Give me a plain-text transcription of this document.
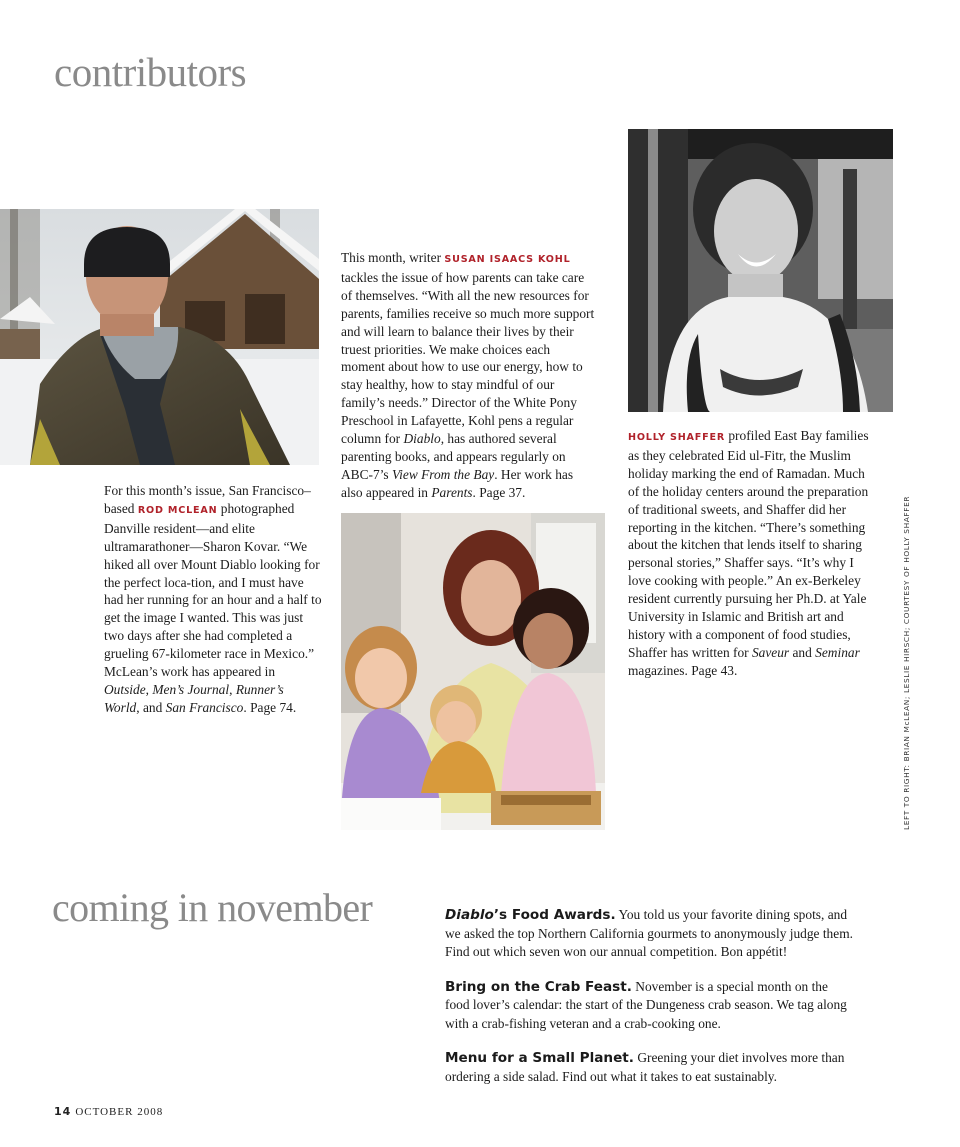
contributors

For this month’s issue, San Francisco–based ROD MCLEAN photographed Danville resident—and elite ultramarathoner—Sharon Kovar. “We hiked all over Mount Diablo looking for the perfect loca-tion, and I must have had her running for an hour and a half to get the image I wanted. This was just two days after she had completed a grueling 67-kilometer race in Mexico.” McLean’s work has appeared in Outside, Men’s Journal, Runner’s World, and San Francisco. Page 74.

This month, writer SUSAN ISAACS KOHL tackles the issue of how parents can take care of themselves. “With all the new resources for parents, families receive so much more support and will learn to balance their lives by their truest priorities. We make choices each moment about how to use our energy, how to stay healthy, how to stay mindful of our family’s needs.” Director of the White Pony Preschool in Lafayette, Kohl pens a regular column for Diablo, has authored several parenting books, and appears regularly on ABC-7’s View From the Bay. Her work has also appeared in Parents. Page 37.

HOLLY SHAFFER profiled East Bay families as they celebrated Eid ul-Fitr, the Muslim holiday marking the end of Ramadan. Much of the holiday centers around the preparation of traditional sweets, and Shaffer did her reporting in the kitchen. “There’s something about the kitchen that lends itself to sharing personal stories,” Shaffer says. “It’s why I love cooking with people.” An ex-Berkeley resident currently pursuing her Ph.D. at Yale University in Islamic and British art and history with a component of food studies, Shaffer has written for Saveur and Seminar magazines. Page 43.	LEFT TO RIGHT: BRIAN McLEAN; LESLIE HIRSCH; COURTESY OF HOLLY SHAFFER
coming in november	Diablo’s Food Awards. You told us your favorite dining spots, and we asked the top Northern California gourmets to anonymously judge them. Find out which seven won our annual competition. Bon appétit!

Bring on the Crab Feast. November is a special month on the food lover’s calendar: the start of the Dungeness crab season. We tag along with a crab-fishing veteran and a crab-cooking one.

Menu for a Small Planet. Greening your diet involves more than ordering a side salad. Find out what it takes to eat sustainably.

14 OCTOBER 2008
